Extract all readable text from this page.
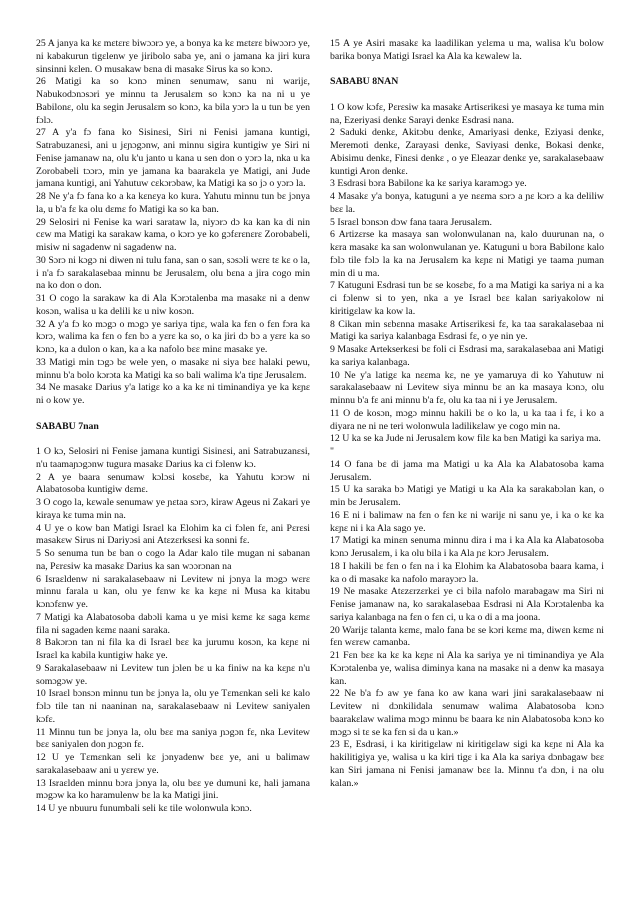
25 A janya ka kɛ mɛtɛrɛ biwɔɔrɔ ye, a bonya ka kɛ mɛtɛrɛ biwɔɔrɔ ye, ni kabakurun tigɛlenw ye jiribolo saba ye, ani o jamana ka jiri kura sinsinni kɛlen. O musakaw bɛna di masakɛ Sirus ka so kɔnɔ.

26 Matigi ka so kɔnɔ minɛn senumaw, sanu ni warijɛ, Nabukodɔnɔsɔri ye minnu ta Jerusalɛm so kɔnɔ ka na ni u ye Babilonɛ, olu ka segin Jerusalɛm so kɔnɔ, ka bila yɔrɔ la u tun bɛ yen fɔlɔ.

27 A y'a fɔ fana ko Sisinɛsi, Siri ni Fenisi jamana kuntigi, Satrabuzanɛsi, ani u jɛɲɔgɔnw, ani minnu sigira kuntigiw ye Siri ni Fenise jamanaw na, olu k'u janto u kana u sen don o yɔrɔ la, nka u ka Zorobabeli tɔɔrɔ, min ye jamana ka baarakɛla ye Matigi, ani Jude jamana kuntigi, ani Yahutuw cɛkɔrɔbaw, ka Matigi ka so jɔ o yɔrɔ la.

28 Ne y'a fɔ fana ko a ka kɛnɛya ko kura. Yahutu minnu tun bɛ jɔnya la, u b'a fɛ ka olu dɛmɛ fo Matigi ka so ka ban.

29 Selosiri ni Fenise ka wari sarataw la, niyɔrɔ dɔ ka kan ka di nin cɛw ma Matigi ka sarakaw kama, o kɔrɔ ye ko gɔfɛrɛnɛrɛ Zorobabeli, misiw ni sagadenw ni sagadenw na.

30 Sɔrɔ ni kɔgɔ ni diwen ni tulu fana, san o san, sɔsɔli wɛrɛ tɛ kɛ o la, i n'a fɔ sarakalasebaa minnu bɛ Jerusalɛm, olu bɛna a jira cogo min na ko don o don.

31 O cogo la sarakaw ka di Ala Kɔrɔtalenba ma masakɛ ni a denw kosɔn, walisa u ka delili kɛ u niw kosɔn.

32 A y'a fɔ ko mɔgɔ o mɔgɔ ye sariya tiɲɛ, wala ka fɛn o fɛn fɔra ka kɔrɔ, walima ka fɛn o fɛn bɔ a yɛrɛ ka so, o ka jiri dɔ bɔ a yɛrɛ ka so kɔnɔ, ka a dulon o kan, ka a ka nafolo bɛɛ minɛ masakɛ ye.

33 Matigi min tɔgɔ bɛ wele yen, o masakɛ ni siya bɛɛ halaki pewu, minnu b'a bolo kɔrɔta ka Matigi ka so bali walima k'a tiɲɛ Jerusalɛm.

34 Ne masakɛ Darius y'a latigɛ ko a ka kɛ ni timinandiya ye ka kɛɲɛ ni o kow ye.

SABABU 7nan

1 O kɔ, Selosiri ni Fenise jamana kuntigi Sisinɛsi, ani Satrabuzanɛsi, n'u taamaɲɔgɔnw tugura masakɛ Darius ka ci fɔlenw kɔ.

2 A ye baara senumaw kɔlɔsi kosɛbɛ, ka Yahutu kɔrɔw ni Alabatosoba kuntigiw dɛmɛ.

3 O cogo la, kɛwale senumaw ye ɲɛtaa sɔrɔ, kiraw Ageus ni Zakari ye kiraya kɛ tuma min na.

4 U ye o kow ban Matigi Israɛl ka Elohim ka ci fɔlen fɛ, ani Pɛrɛsi masakɛw Sirus ni Dariyɔsi ani Atɛzɛrksɛsi ka sonni fɛ.

5 So senuma tun bɛ ban o cogo la Adar kalo tile mugan ni sabanan na, Pɛrɛsiw ka masakɛ Darius ka san wɔɔrɔnan na

6 Israɛldenw ni sarakalasebaaw ni Levitew ni jɔnya la mɔgɔ wɛrɛ minnu farala u kan, olu ye fɛnw kɛ ka kɛɲɛ ni Musa ka kitabu kɔnɔfɛnw ye.

7 Matigi ka Alabatosoba dabɔli kama u ye misi kɛmɛ kɛ saga kɛmɛ fila ni sagaden kɛmɛ naani saraka.

8 Bakɔrɔn tan ni fila ka di Israɛl bɛɛ ka jurumu kosɔn, ka kɛɲɛ ni Israɛl ka kabila kuntigiw hakɛ ye.

9 Sarakalasebaaw ni Levitew tun jɔlen bɛ u ka finiw na ka kɛɲɛ n'u somɔgɔw ye.

10 Israɛl bɔnsɔn minnu tun bɛ jɔnya la, olu ye Tɛmɛnkan seli kɛ kalo fɔlɔ tile tan ni naaninan na, sarakalasebaaw ni Levitew saniyalen kɔfɛ.

11 Minnu tun bɛ jɔnya la, olu bɛɛ ma saniya ɲɔgɔn fɛ, nka Levitew bɛɛ saniyalen don ɲɔgɔn fɛ.

12 U ye Tɛmɛnkan seli kɛ jɔnyadenw bɛɛ ye, ani u balimaw sarakalasebaaw ani u yɛrɛw ye.

13 Israɛlden minnu bɔra jɔnya la, olu bɛɛ ye dumuni kɛ, hali jamana mɔgɔw ka ko haramulenw bɛ la ka Matigi jini.

14 U ye nbuuru funumbali seli kɛ tile wolonwula kɔnɔ.

15 A ye Asiri masakɛ ka laadilikan yɛlɛma u ma, walisa k'u bolow barika bonya Matigi Israɛl ka Ala ka kɛwalew la.

SABABU 8NAN

1 O kow kɔfɛ, Pɛrɛsiw ka masakɛ Artisɛrikɛsi ye masaya kɛ tuma min na, Ezeriyasi denkɛ Sarayi denkɛ Esdrasi nana.

2 Saduki denkɛ, Akitɔbu denkɛ, Amariyasi denkɛ, Eziyasi denkɛ, Meremoti denkɛ, Zarayasi denkɛ, Saviyasi denkɛ, Bokasi denkɛ, Abisimu denkɛ, Finɛsi denkɛ , o ye Eleazar denkɛ ye, sarakalasebaaw kuntigi Aron denkɛ.

3 Esdrasi bɔra Babilonɛ ka kɛ sariya karamɔgɔ ye.

4 Masakɛ y'a bonya, katuguni a ye nɛɛma sɔrɔ a ɲɛ kɔrɔ a ka deliliw bɛɛ la.

5 Israɛl bɔnsɔn dɔw fana taara Jerusalɛm.

6 Artizɛrse ka masaya san wolonwulanan na, kalo duurunan na, o kɛra masakɛ ka san wolonwulanan ye. Katuguni u bɔra Babilonɛ kalo fɔlɔ tile fɔlɔ la ka na Jerusalɛm ka kɛɲɛ ni Matigi ye taama ɲuman min di u ma.

7 Katuguni Esdrasi tun bɛ se kosɛbɛ, fo a ma Matigi ka sariya ni a ka ci fɔlenw si to yen, nka a ye Israɛl bɛɛ kalan sariyakolow ni kiritigɛlaw ka kow la.

8 Cikan min sɛbɛnna masakɛ Artisɛrikɛsi fɛ, ka taa sarakalasebaa ni Matigi ka sariya kalanbaga Esdrasi fɛ, o ye nin ye.

9 Masakɛ Artekserkɛsi bɛ foli ci Esdrasi ma, sarakalasebaa ani Matigi ka sariya kalanbaga.

10 Ne y'a latigɛ ka nɛɛma kɛ, ne ye yamaruya di ko Yahutuw ni sarakalasebaaw ni Levitew siya minnu bɛ an ka masaya kɔnɔ, olu minnu b'a fɛ ani minnu b'a fɛ, olu ka taa ni i ye Jerusalɛm.

11 O de kosɔn, mɔgɔ minnu hakili bɛ o ko la, u ka taa i fɛ, i ko a diyara ne ni ne teri wolonwula ladilikɛlaw ye cogo min na.

12 U ka se ka Jude ni Jerusalɛm kow filɛ ka bɛn Matigi ka sariya ma.

"

14 O fana bɛ di jama ma Matigi u ka Ala ka Alabatosoba kama Jerusalɛm.

15 U ka saraka bɔ Matigi ye Matigi u ka Ala ka sarakabɔlan kan, o min bɛ Jerusalɛm.

16 E ni i balimaw na fɛn o fɛn kɛ ni warijɛ ni sanu ye, i ka o kɛ ka kɛɲɛ ni i ka Ala sago ye.

17 Matigi ka minɛn senuma minnu dira i ma i ka Ala ka Alabatosoba kɔnɔ Jerusalɛm, i ka olu bila i ka Ala ɲɛ kɔrɔ Jerusalɛm.

18 I hakili bɛ fɛn o fɛn na i ka Elohim ka Alabatosoba baara kama, i ka o di masakɛ ka nafolo marayɔrɔ la.

19 Ne masakɛ Atɛzɛrzɛrkɛi ye ci bila nafolo marabagaw ma Siri ni Fenise jamanaw na, ko sarakalasebaa Esdrasi ni Ala Kɔrɔtalenba ka sariya kalanbaga na fɛn o fɛn ci, u ka o di a ma joona.

20 Warijɛ talanta kɛmɛ, malo fana bɛ se kɔri kɛmɛ ma, diwɛn kɛmɛ ni fɛn wɛrɛw camanba.

21 Fɛn bɛɛ ka kɛ ka kɛɲɛ ni Ala ka sariya ye ni timinandiya ye Ala Kɔrɔtalenba ye, walisa diminya kana na masakɛ ni a denw ka masaya kan.

22 Ne b'a fɔ aw ye fana ko aw kana wari jini sarakalasebaaw ni Levitew ni dɔnkilidala senumaw walima Alabatosoba kɔnɔ baarakɛlaw walima mɔgɔ minnu bɛ baara kɛ nin Alabatosoba kɔnɔ ko mɔgɔ si tɛ se ka fɛn si da u kan.»

23 E, Esdrasi, i ka kiritigɛlaw ni kiritigɛlaw sigi ka kɛɲɛ ni Ala ka hakilitigiya ye, walisa u ka kiri tigɛ i ka Ala ka sariya dɔnbagaw bɛɛ kan Siri jamana ni Fenisi jamanaw bɛɛ la. Minnu t'a dɔn, i na olu kalan.»
